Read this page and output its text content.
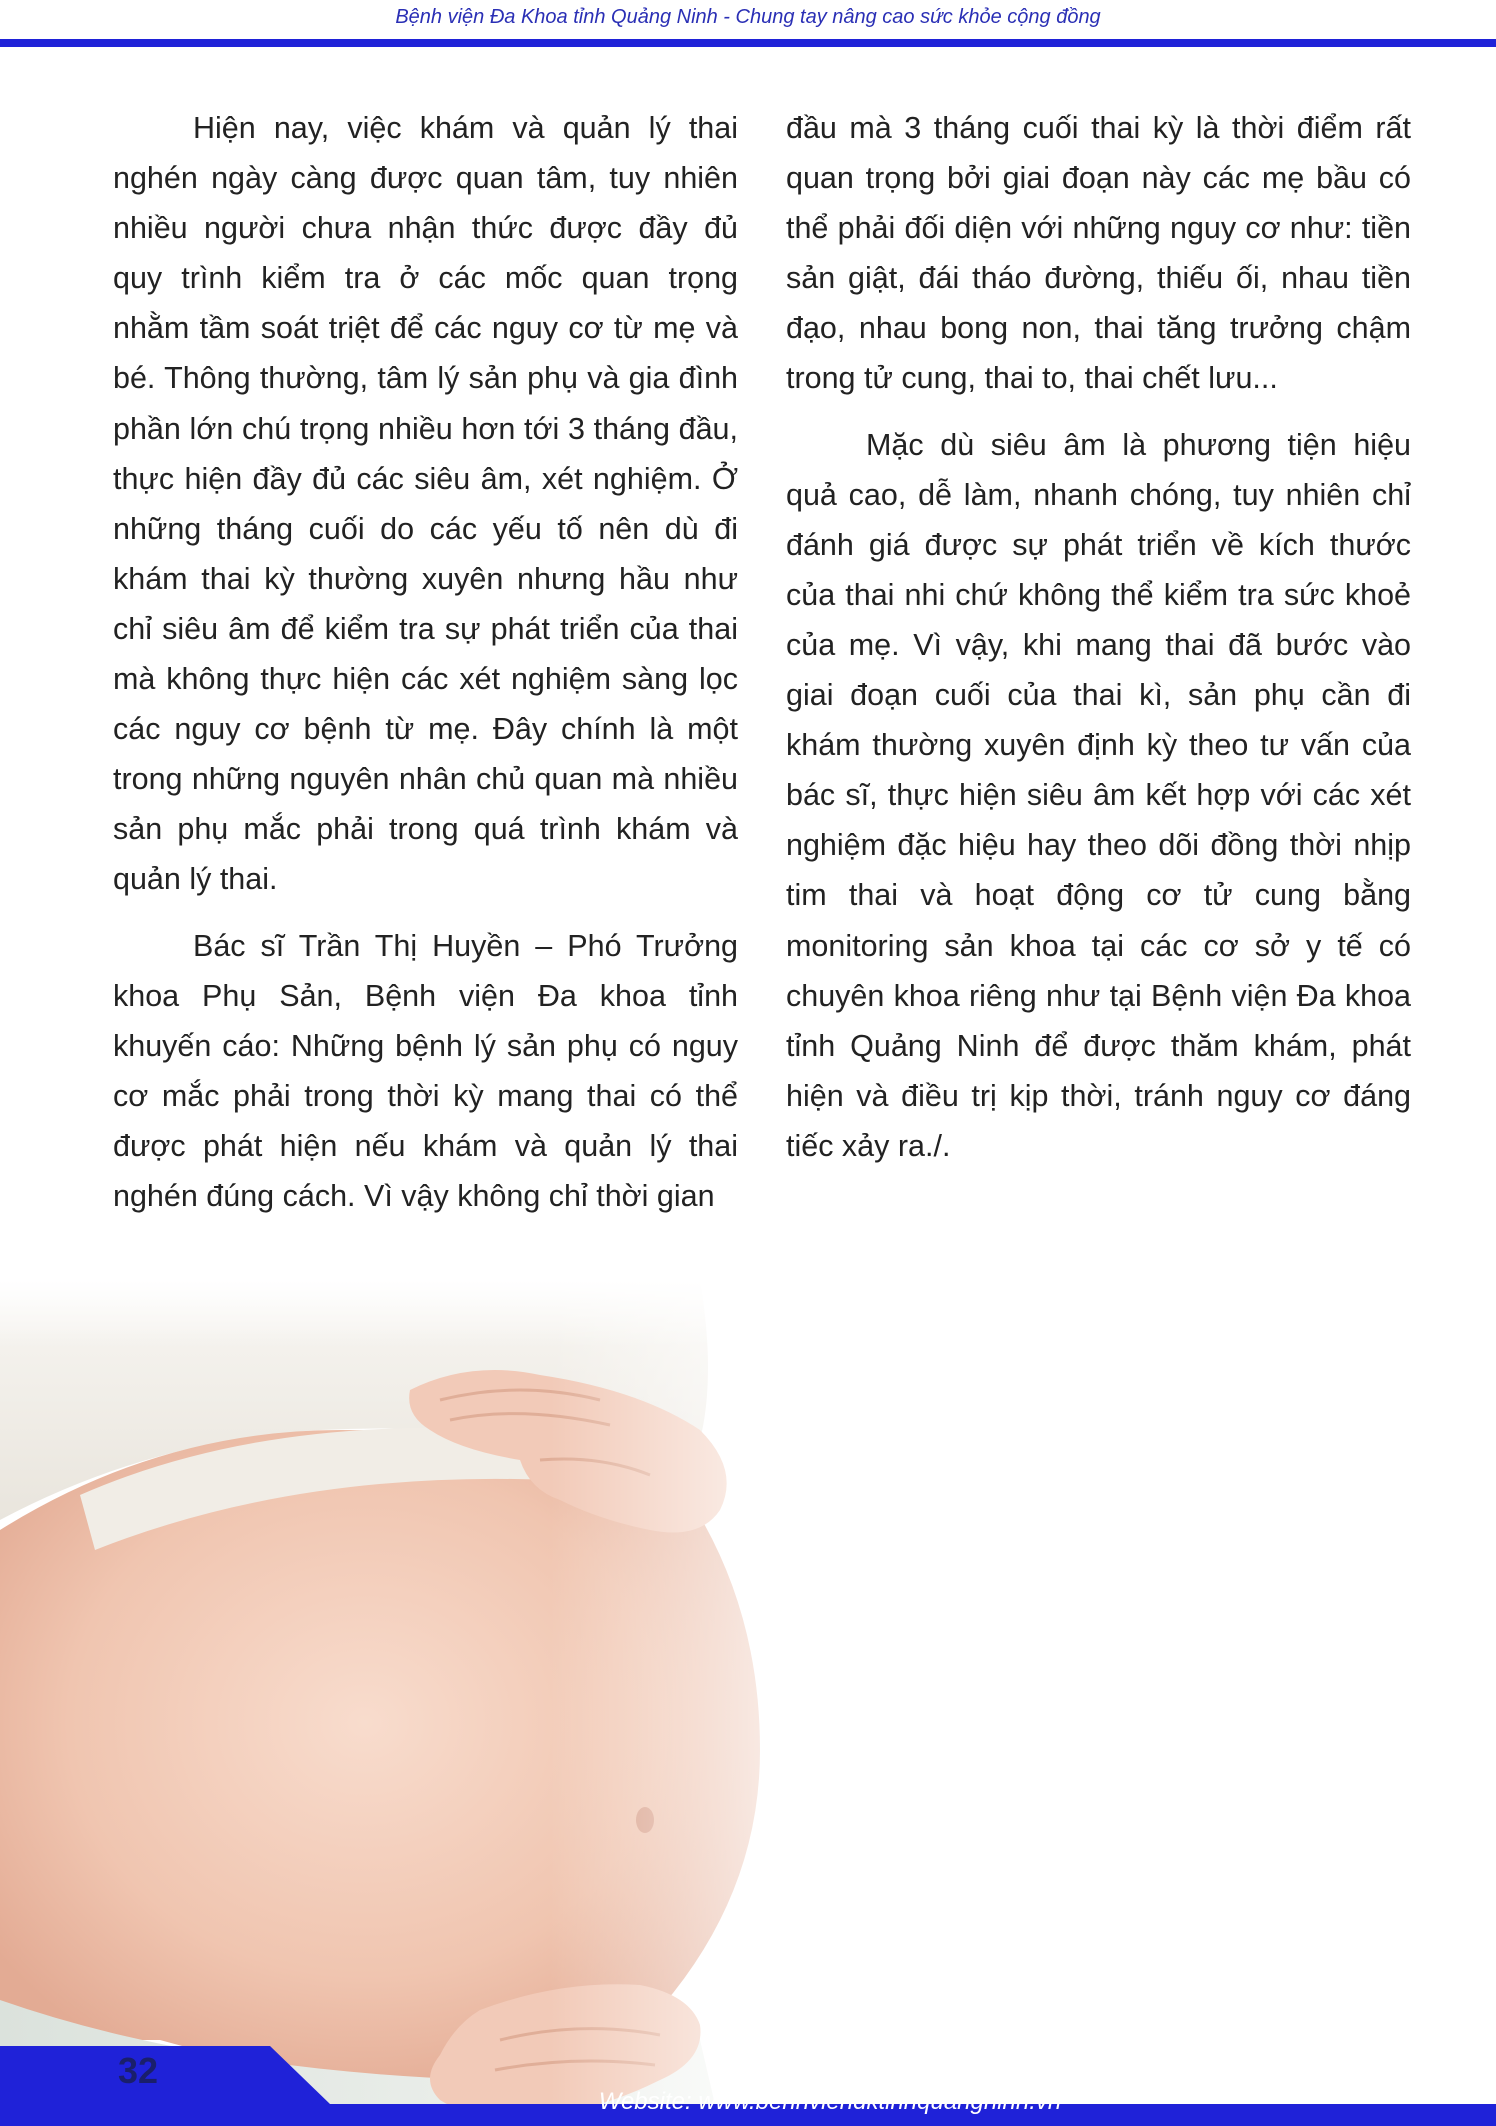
Bệnh viện Đa Khoa tỉnh Quảng Ninh - Chung tay nâng cao sức khỏe cộng đồng

Hiện nay, việc khám và quản lý thai nghén ngày càng được quan tâm, tuy nhiên nhiều người chưa nhận thức được đầy đủ quy trình kiểm tra ở các mốc quan trọng nhằm tầm soát triệt để các nguy cơ từ mẹ và bé. Thông thường, tâm lý sản phụ và gia đình phần lớn chú trọng nhiều hơn tới 3 tháng đầu, thực hiện đầy đủ các siêu âm, xét nghiệm. Ở những tháng cuối do các yếu tố nên dù đi khám thai kỳ thường xuyên nhưng hầu như chỉ siêu âm để kiểm tra sự phát triển của thai mà không thực hiện các xét nghiệm sàng lọc các nguy cơ bệnh từ mẹ. Đây chính là một trong những nguyên nhân chủ quan mà nhiều sản phụ mắc phải trong quá trình khám và quản lý thai.

Bác sĩ Trần Thị Huyền – Phó Trưởng khoa Phụ Sản, Bệnh viện Đa khoa tỉnh khuyến cáo: Những bệnh lý sản phụ có nguy cơ mắc phải trong thời kỳ mang thai có thể được phát hiện nếu khám và quản lý thai nghén đúng cách. Vì vậy không chỉ thời gian

đầu mà 3 tháng cuối thai kỳ là thời điểm rất quan trọng bởi giai đoạn này các mẹ bầu có thể phải đối diện với những nguy cơ như: tiền sản giật, đái tháo đường, thiếu ối, nhau tiền đạo, nhau bong non, thai tăng trưởng chậm trong tử cung, thai to, thai chết lưu...

Mặc dù siêu âm là phương tiện hiệu quả cao, dễ làm, nhanh chóng, tuy nhiên chỉ đánh giá được sự phát triển về kích thước của thai nhi chứ không thể kiểm tra sức khoẻ của mẹ. Vì vậy, khi mang thai đã bước vào giai đoạn cuối của thai kì, sản phụ cần đi khám thường xuyên định kỳ theo tư vấn của bác sĩ, thực hiện siêu âm kết hợp với các xét nghiệm đặc hiệu hay theo dõi đồng thời nhịp tim thai và hoạt động cơ tử cung bằng monitoring sản khoa tại các cơ sở y tế có chuyên khoa riêng như tại Bệnh viện Đa khoa tỉnh Quảng Ninh để được thăm khám, phát hiện và điều trị kịp thời, tránh nguy cơ đáng tiếc xảy ra./.

32
Website: www.benhviendktinhquangninh.vn
